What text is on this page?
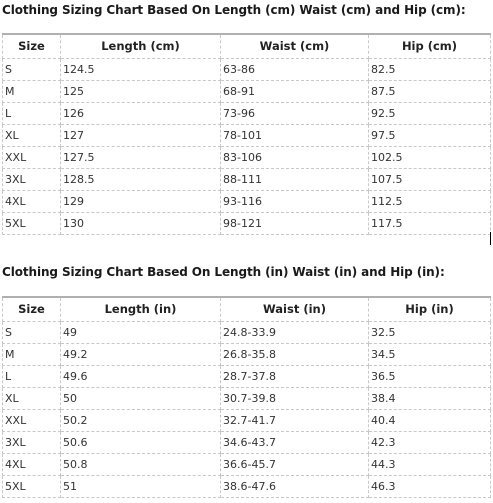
Clothing Sizing Chart Based On Length (cm) Waist (cm) and Hip (cm):
Size	Length (cm)	Waist (cm)	Hip (cm)
S	124.5	63-86	82.5
M	125	68-91	87.5
L	126	73-96	92.5
XL	127	78-101	97.5
XXL	127.5	83-106	102.5
3XL	128.5	88-111	107.5
4XL	129	93-116	112.5
5XL	130	98-121	117.5
Clothing Sizing Chart Based On Length (in) Waist (in) and Hip (in):
Size	Length (in)	Waist (in)	Hip (in)
S	49	24.8-33.9	32.5
M	49.2	26.8-35.8	34.5
L	49.6	28.7-37.8	36.5
XL	50	30.7-39.8	38.4
XXL	50.2	32.7-41.7	40.4
3XL	50.6	34.6-43.7	42.3
4XL	50.8	36.6-45.7	44.3
5XL	51	38.6-47.6	46.3
